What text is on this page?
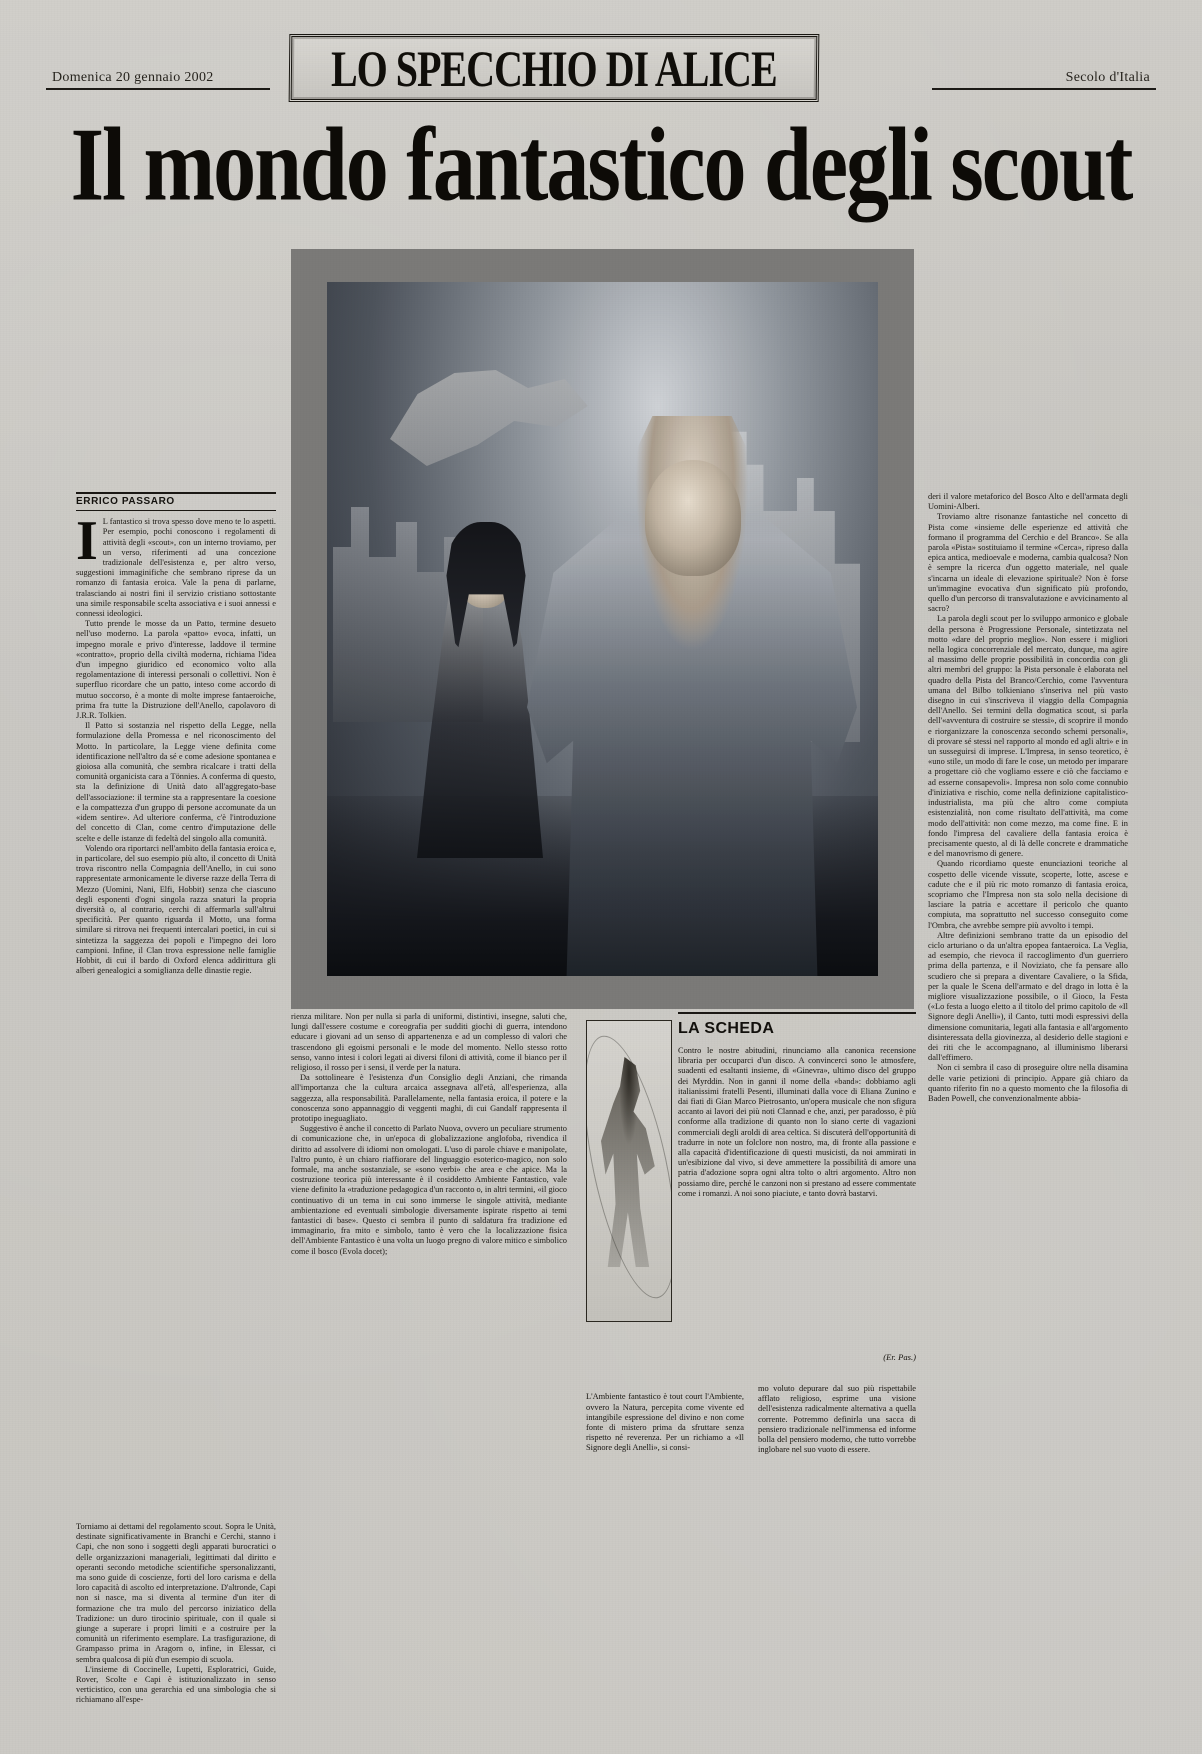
Domenica 20 gennaio 2002	Secolo d'Italia
LO SPECCHIO DI ALICE
Il mondo fantastico degli scout
ERRICO PASSARO

I L fantastico si trova spesso dove meno te lo aspetti. Per esempio, pochi conoscono i regolamenti di attività degli «scout», con un interno troviamo, per un verso, riferimenti ad una concezione tradizionale dell'esistenza e, per altro verso, suggestioni immaginifiche che sembrano riprese da un romanzo di fantasia eroica. Vale la pena di parlarne, tralasciando ai nostri fini il servizio cristiano sottostante una simile responsabile scelta associativa e i suoi annessi e connessi ideologici.

Tutto prende le mosse da un Patto, termine desueto nell'uso moderno. La parola «patto» evoca, infatti, un impegno morale e privo d'interesse, laddove il termine «contratto», proprio della civiltà moderna, richiama l'idea d'un impegno giuridico ed economico volto alla regolamentazione di interessi personali o collettivi. Non è superfluo ricordare che un patto, inteso come accordo di mutuo soccorso, è a monte di molte imprese fantaeroiche, prima fra tutte la Distruzione dell'Anello, capolavoro di J.R.R. Tolkien.

Il Patto si sostanzia nel rispetto della Legge, nella formulazione della Promessa e nel riconoscimento del Motto. In particolare, la Legge viene definita come identificazione nell'altro da sé e come adesione spontanea e gioiosa alla comunità, che sembra ricalcare i tratti della comunità organicista cara a Tönnies. A conferma di questo, sta la definizione di Unità dato all'aggregato-base dell'associazione: il termine sta a rappresentare la coesione e la compattezza d'un gruppo di persone accomunate da un «idem sentire». Ad ulteriore conferma, c'è l'introduzione del concetto di Clan, come centro d'imputazione delle scelte e delle istanze di fedeltà del singolo alla comunità.

Volendo ora riportarci nell'ambito della fantasia eroica e, in particolare, del suo esempio più alto, il concetto di Unità trova riscontro nella Compagnia dell'Anello, in cui sono rappresentate armonicamente le diverse razze della Terra di Mezzo (Uomini, Nani, Elfi, Hobbit) senza che ciascuno degli esponenti d'ogni singola razza snaturi la propria diversità o, al contrario, cerchi di affermarla sull'altrui specificità. Per quanto riguarda il Motto, una forma similare si ritrova nei frequenti intercalari poetici, in cui si sintetizza la saggezza dei popoli e l'impegno dei loro campioni. Infine, il Clan trova espressione nelle famiglie Hobbit, di cui il bardo di Oxford elenca addirittura gli alberi genealogici a somiglianza delle dinastie regie.

Torniamo ai dettami del regolamento scout. Sopra le Unità, destinate significativamente in Branchi e Cerchi, stanno i Capi, che non sono i soggetti degli apparati burocratici o delle organizzazioni manageriali, legittimati dal diritto e operanti secondo metodiche scientifiche spersonalizzanti, ma sono guide di coscienze, forti del loro carisma e della loro capacità di ascolto ed interpretazione. D'altronde, Capi non si nasce, ma si diventa al termine d'un iter di formazione che tra mulo del percorso iniziatico della Tradizione: un duro tirocinio spirituale, con il quale si giunge a superare i propri limiti e a costruire per la comunità un riferimento esemplare. La trasfigurazione, di Grampasso prima in Aragorn o, infine, in Elessar, ci sembra qualcosa di più d'un esempio di scuola.

L'insieme di Coccinelle, Lupetti, Esploratrici, Guide, Rover, Scolte e Capi è istituzionalizzato in senso verticistico, con una gerarchia ed una simbologia che si richiamano all'espe-

rienza militare. Non per nulla si parla di uniformi, distintivi, insegne, saluti che, lungi dall'essere costume e coreografia per sudditi giochi di guerra, intendono educare i giovani ad un senso di appartenenza e ad un complesso di valori che trascendono gli egoismi personali e le mode del momento. Nello stesso rotto senso, vanno intesi i colori legati ai diversi filoni di attività, come il bianco per il religioso, il rosso per i sensi, il verde per la natura.

Da sottolineare è l'esistenza d'un Consiglio degli Anziani, che rimanda all'importanza che la cultura arcaica assegnava all'età, all'esperienza, alla saggezza, alla responsabilità. Parallelamente, nella fantasia eroica, il potere e la conoscenza sono appannaggio di veggenti maghi, di cui Gandalf rappresenta il prototipo ineguagliato.

Suggestivo è anche il concetto di Parlato Nuova, ovvero un peculiare strumento di comunicazione che, in un'epoca di globalizzazione anglofoba, rivendica il diritto ad assolvere di idiomi non omologati. L'uso di parole chiave e manipolate, l'altro punto, è un chiaro riaffiorare del linguaggio esoterico-magico, non solo formale, ma anche sostanziale, se «sono verbi» che area e che apice. Ma la costruzione teorica più interessante è il cosiddetto Ambiente Fantastico, vale viene definito la «traduzione pedagogica d'un racconto o, in altri termini, «il gioco continuativo di un tema in cui sono immerse le singole attività, mediante ambientazione ed eventuali simbologie diversamente ispirate rispetto ai temi fantastici di base». Questo ci sembra il punto di saldatura fra tradizione ed immaginario, fra mito e simbolo, tanto è vero che la localizzazione fisica dell'Ambiente Fantastico è una volta un luogo pregno di valore mitico e simbolico come il bosco (Evola docet);

LA SCHEDA
Contro le nostre abitudini, rinunciamo alla canonica recensione libraria per occuparci d'un disco. A convincerci sono le atmosfere, suadenti ed esaltanti insieme, di «Ginevra», ultimo disco del gruppo dei Myrddin. Non in ganni il nome della «band»: dobbiamo agli italianissimi fratelli Pesenti, illuminati dalla voce di Eliana Zunino e dai fiati di Gian Marco Pietrosanto, un'opera musicale che non sfigura accanto ai lavori dei più noti Clannad e che, anzi, per paradosso, è più conforme alla tradizione di quanto non lo siano certe di vagazioni commerciali degli aroldi di area celtica. Si discuterà dell'opportunità di tradurre in note un folclore non nostro, ma, di fronte alla passione e alla capacità d'identificazione di questi musicisti, da noi ammirati in un'esibizione dal vivo, si deve ammettere la possibilità di amore una patria d'adozione sopra ogni altra tolto o altri argomento. Altro non possiamo dire, perché le canzoni non si prestano ad essere commentate come i romanzi. A noi sono piaciute, e tanto dovrà bastarvi.
(Er. Pas.)

L'Ambiente fantastico è tout court l'Ambiente, ovvero la Natura, percepita come vivente ed intangibile espressione del divino e non come fonte di mistero prima da sfruttare senza rispetto né reverenza. Per un richiamo a «Il Signore degli Anelli», si consi-

mo voluto depurare dal suo più rispettabile afflato religioso, esprime una visione dell'esistenza radicalmente alternativa a quella corrente. Potremmo definirla una sacca di pensiero tradizionale nell'immensa ed informe bolla del pensiero moderno, che tutto vorrebbe inglobare nel suo vuoto di essere.

deri il valore metaforico del Bosco Alto e dell'armata degli Uomini-Alberi.

Troviamo altre risonanze fantastiche nel concetto di Pista come «insieme delle esperienze ed attività che formano il programma del Cerchio e del Branco». Se alla parola «Pista» sostituiamo il termine «Cerca», ripreso dalla epica antica, medioevale e moderna, cambia qualcosa? Non è sempre la ricerca d'un oggetto materiale, nel quale s'incarna un ideale di elevazione spirituale? Non è forse un'immagine evocativa d'un significato più profondo, quello d'un percorso di transvalutazione e avvicinamento al sacro?

La parola degli scout per lo sviluppo armonico e globale della persona è Progressione Personale, sintetizzata nel motto «dare del proprio meglio». Non essere i migliori nella logica concorrenziale del mercato, dunque, ma agire al massimo delle proprie possibilità in concordia con gli altri membri del gruppo: la Pista personale è elaborata nel quadro della Pista del Branco/Cerchio, come l'avventura umana del Bilbo tolkieniano s'inseriva nel più vasto disegno in cui s'inscriveva il viaggio della Compagnia dell'Anello. Sei termini della dogmatica scout, si parla dell'«avventura di costruire se stessi», di scoprire il mondo e riorganizzare la conoscenza secondo schemi personali», di provare sé stessi nel rapporto al mondo ed agli altri» e in un susseguirsi di imprese. L'Impresa, in senso teoretico, è «uno stile, un modo di fare le cose, un metodo per imparare a progettare ciò che vogliamo essere e ciò che facciamo e ad esserne consapevoli». Impresa non solo come connubio d'iniziativa e rischio, come nella definizione capitalistico-industrialista, ma più che altro come compiuta esistenzialità, non come risultato dell'attività, ma come modo dell'attività: non come mezzo, ma come fine. E in fondo l'impresa del cavaliere della fantasia eroica è precisamente questo, al di là delle concrete e drammatiche e del manovrismo di genere.

Quando ricordiamo queste enunciazioni teoriche al cospetto delle vicende vissute, scoperte, lotte, ascese e cadute che e il più ric moto romanzo di fantasia eroica, scopriamo che l'Impresa non sta solo nella decisione di lasciare la patria e accettare il pericolo che quanto compiuta, ma soprattutto nel successo conseguito come l'Ombra, che avrebbe sempre più avvolto i tempi.

Altre definizioni sembrano tratte da un episodio del ciclo arturiano o da un'altra epopea fantaeroica. La Veglia, ad esempio, che rievoca il raccoglimento d'un guerriero prima della partenza, e il Noviziato, che fa pensare allo scudiero che si prepara a diventare Cavaliere, o la Sfida, per la quale le Scena dell'armato e del drago in lotta è la migliore visualizzazione possibile, o il Gioco, la Festa («Lo festa a luogo eletto a il titolo del primo capitolo de «Il Signore degli Anelli»), il Canto, tutti modi espressivi della dimensione comunitaria, legati alla fantasia e all'argomento disinteressata della giovinezza, al desiderio delle stagioni e dei riti che le accompagnano, al illuminismo liberarsi dall'effimero.

Non ci sembra il caso di proseguire oltre nella disamina delle varie petizioni di principio. Appare già chiaro da quanto riferito fin no a questo momento che la filosofia di Baden Powell, che convenzionalmente abbia-
